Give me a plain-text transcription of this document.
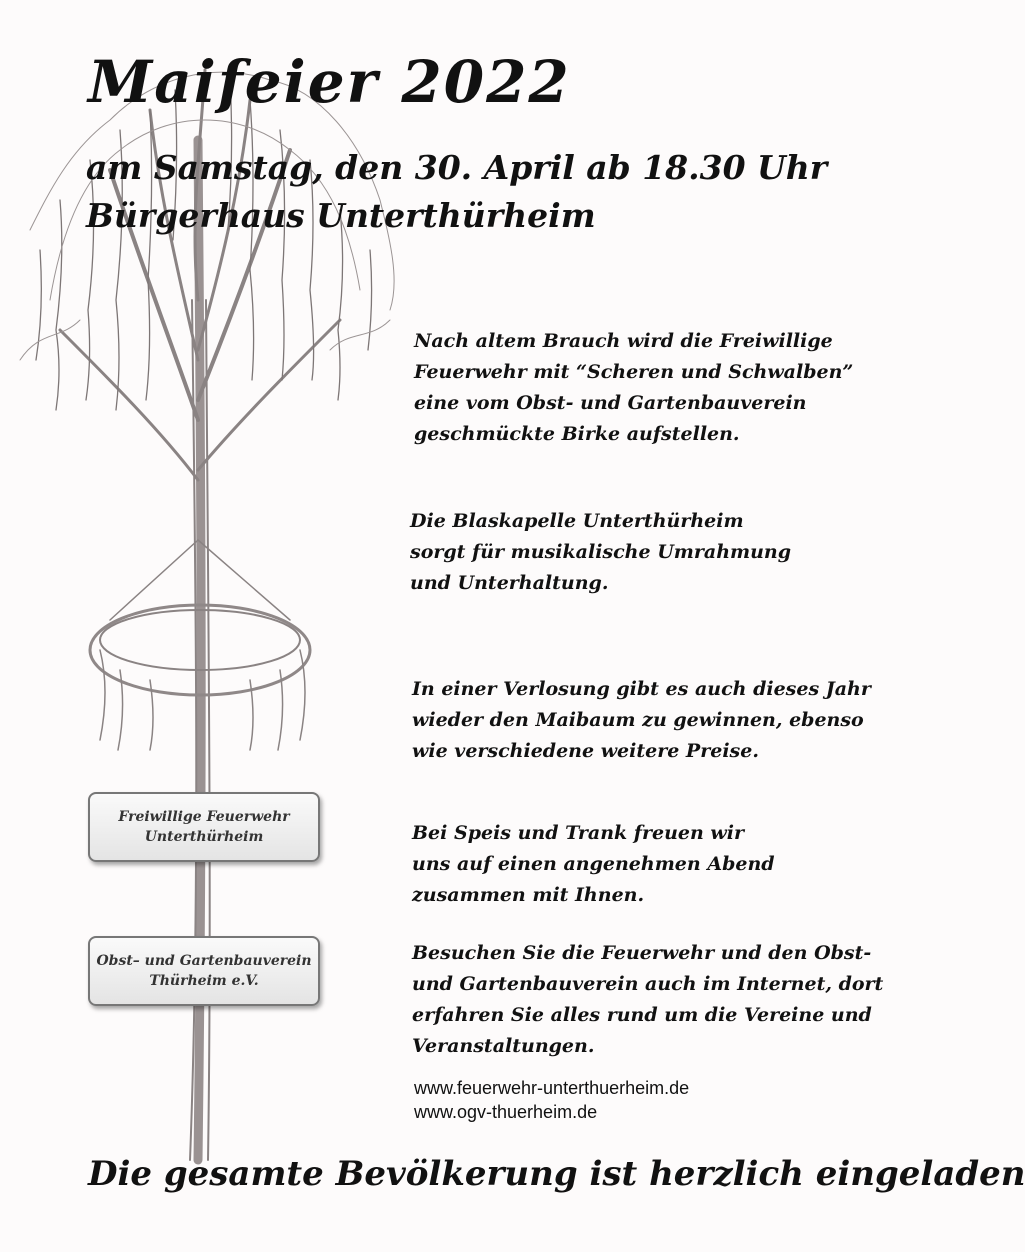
Maifeier 2022

am Samstag, den 30. April ab 18.30 Uhr

Bürgerhaus Unterthürheim

Nach altem Brauch wird die Freiwillige
Feuerwehr mit “Scheren und Schwalben”
eine vom Obst- und Gartenbauverein
geschmückte Birke aufstellen.

Die Blaskapelle Unterthürheim
sorgt für musikalische Umrahmung
und Unterhaltung.

In einer Verlosung gibt es auch dieses Jahr
wieder den Maibaum zu gewinnen, ebenso
wie verschiedene weitere Preise.

Bei Speis und Trank freuen wir
uns auf einen angenehmen Abend
zusammen mit Ihnen.

Besuchen Sie die Feuerwehr und den Obst-
und Gartenbauverein auch im Internet, dort
erfahren Sie alles rund um die Vereine und
Veranstaltungen.

www.feuerwehr-unterthuerheim.de
www.ogv-thuerheim.de
Freiwillige Feuerwehr
Unterthürheim
Obst– und Gartenbauverein
Thürheim e.V.

Die gesamte Bevölkerung ist herzlich eingeladen
